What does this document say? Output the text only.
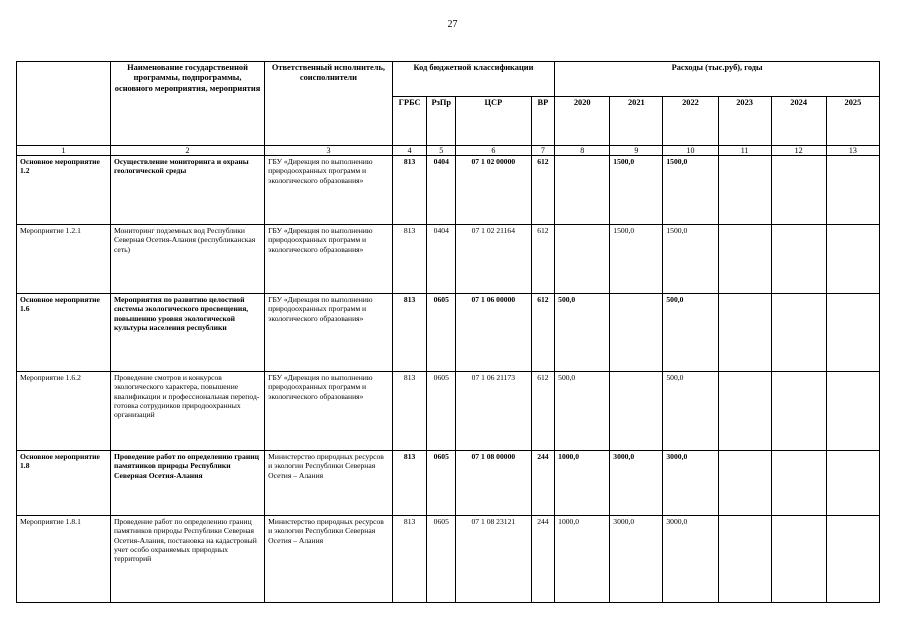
27
	Наименование государственной программы, подпрограммы, основного мероприятия, мероприятия	Ответственный исполнитель, соисполнители	Код бюджетной классификации				Расходы (тыс.руб), годы					
			ГРБС	РзПр	ЦСР	ВР	2020	2021	2022	2023	2024	2025
1	2	3	4	5	6	7	8	9	10	11	12	13
Основное мероприятие 1.2	Осуществление мониторинга и охраны геологической среды	ГБУ «Дирекция по выполнению природоохранных программ и экологического образования»	813	0404	07 1 02 00000	612		1500,0	1500,0			
Мероприятие 1.2.1	Мониторинг подземных вод Республики Северная Осетия-Алания (республиканская сеть)	ГБУ «Дирекция по выполнению природоохранных программ и экологического образования»	813	0404	07 1 02 21164	612		1500,0	1500,0			
Основное мероприятие 1.6	Мероприятия по развитию целостной системы экологического просвещения, повышению уровня экологической культуры населения республики	ГБУ «Дирекция по выполнению природоохранных программ и экологического образования»	813	0605	07 1 06 00000	612	500,0		500,0			
Мероприятие 1.6.2	Проведение смотров и конкурсов экологического характера, повышение квалификации и профессиональная перепод-готовка сотрудников природоохранных организаций	ГБУ «Дирекция по выполнению природоохранных программ и экологического образования»	813	0605	07 1 06 21173	612	500,0		500,0			
Основное мероприятие 1.8	Проведение работ по определению границ памятников природы Республики Северная Осетия-Алания	Министерство природных ресурсов и экологии Республики Северная Осетия – Алания	813	0605	07 1 08 00000	244	1000,0	3000,0	3000,0			
Мероприятие 1.8.1	Проведение работ по определению границ памятников природы Республики Северная Осетия-Алания, постановка на кадастровый учет особо охраняемых природных территорий	Министерство природных ресурсов и экологии Республики Северная Осетия – Алания	813	0605	07 1 08 23121	244	1000,0	3000,0	3000,0			
